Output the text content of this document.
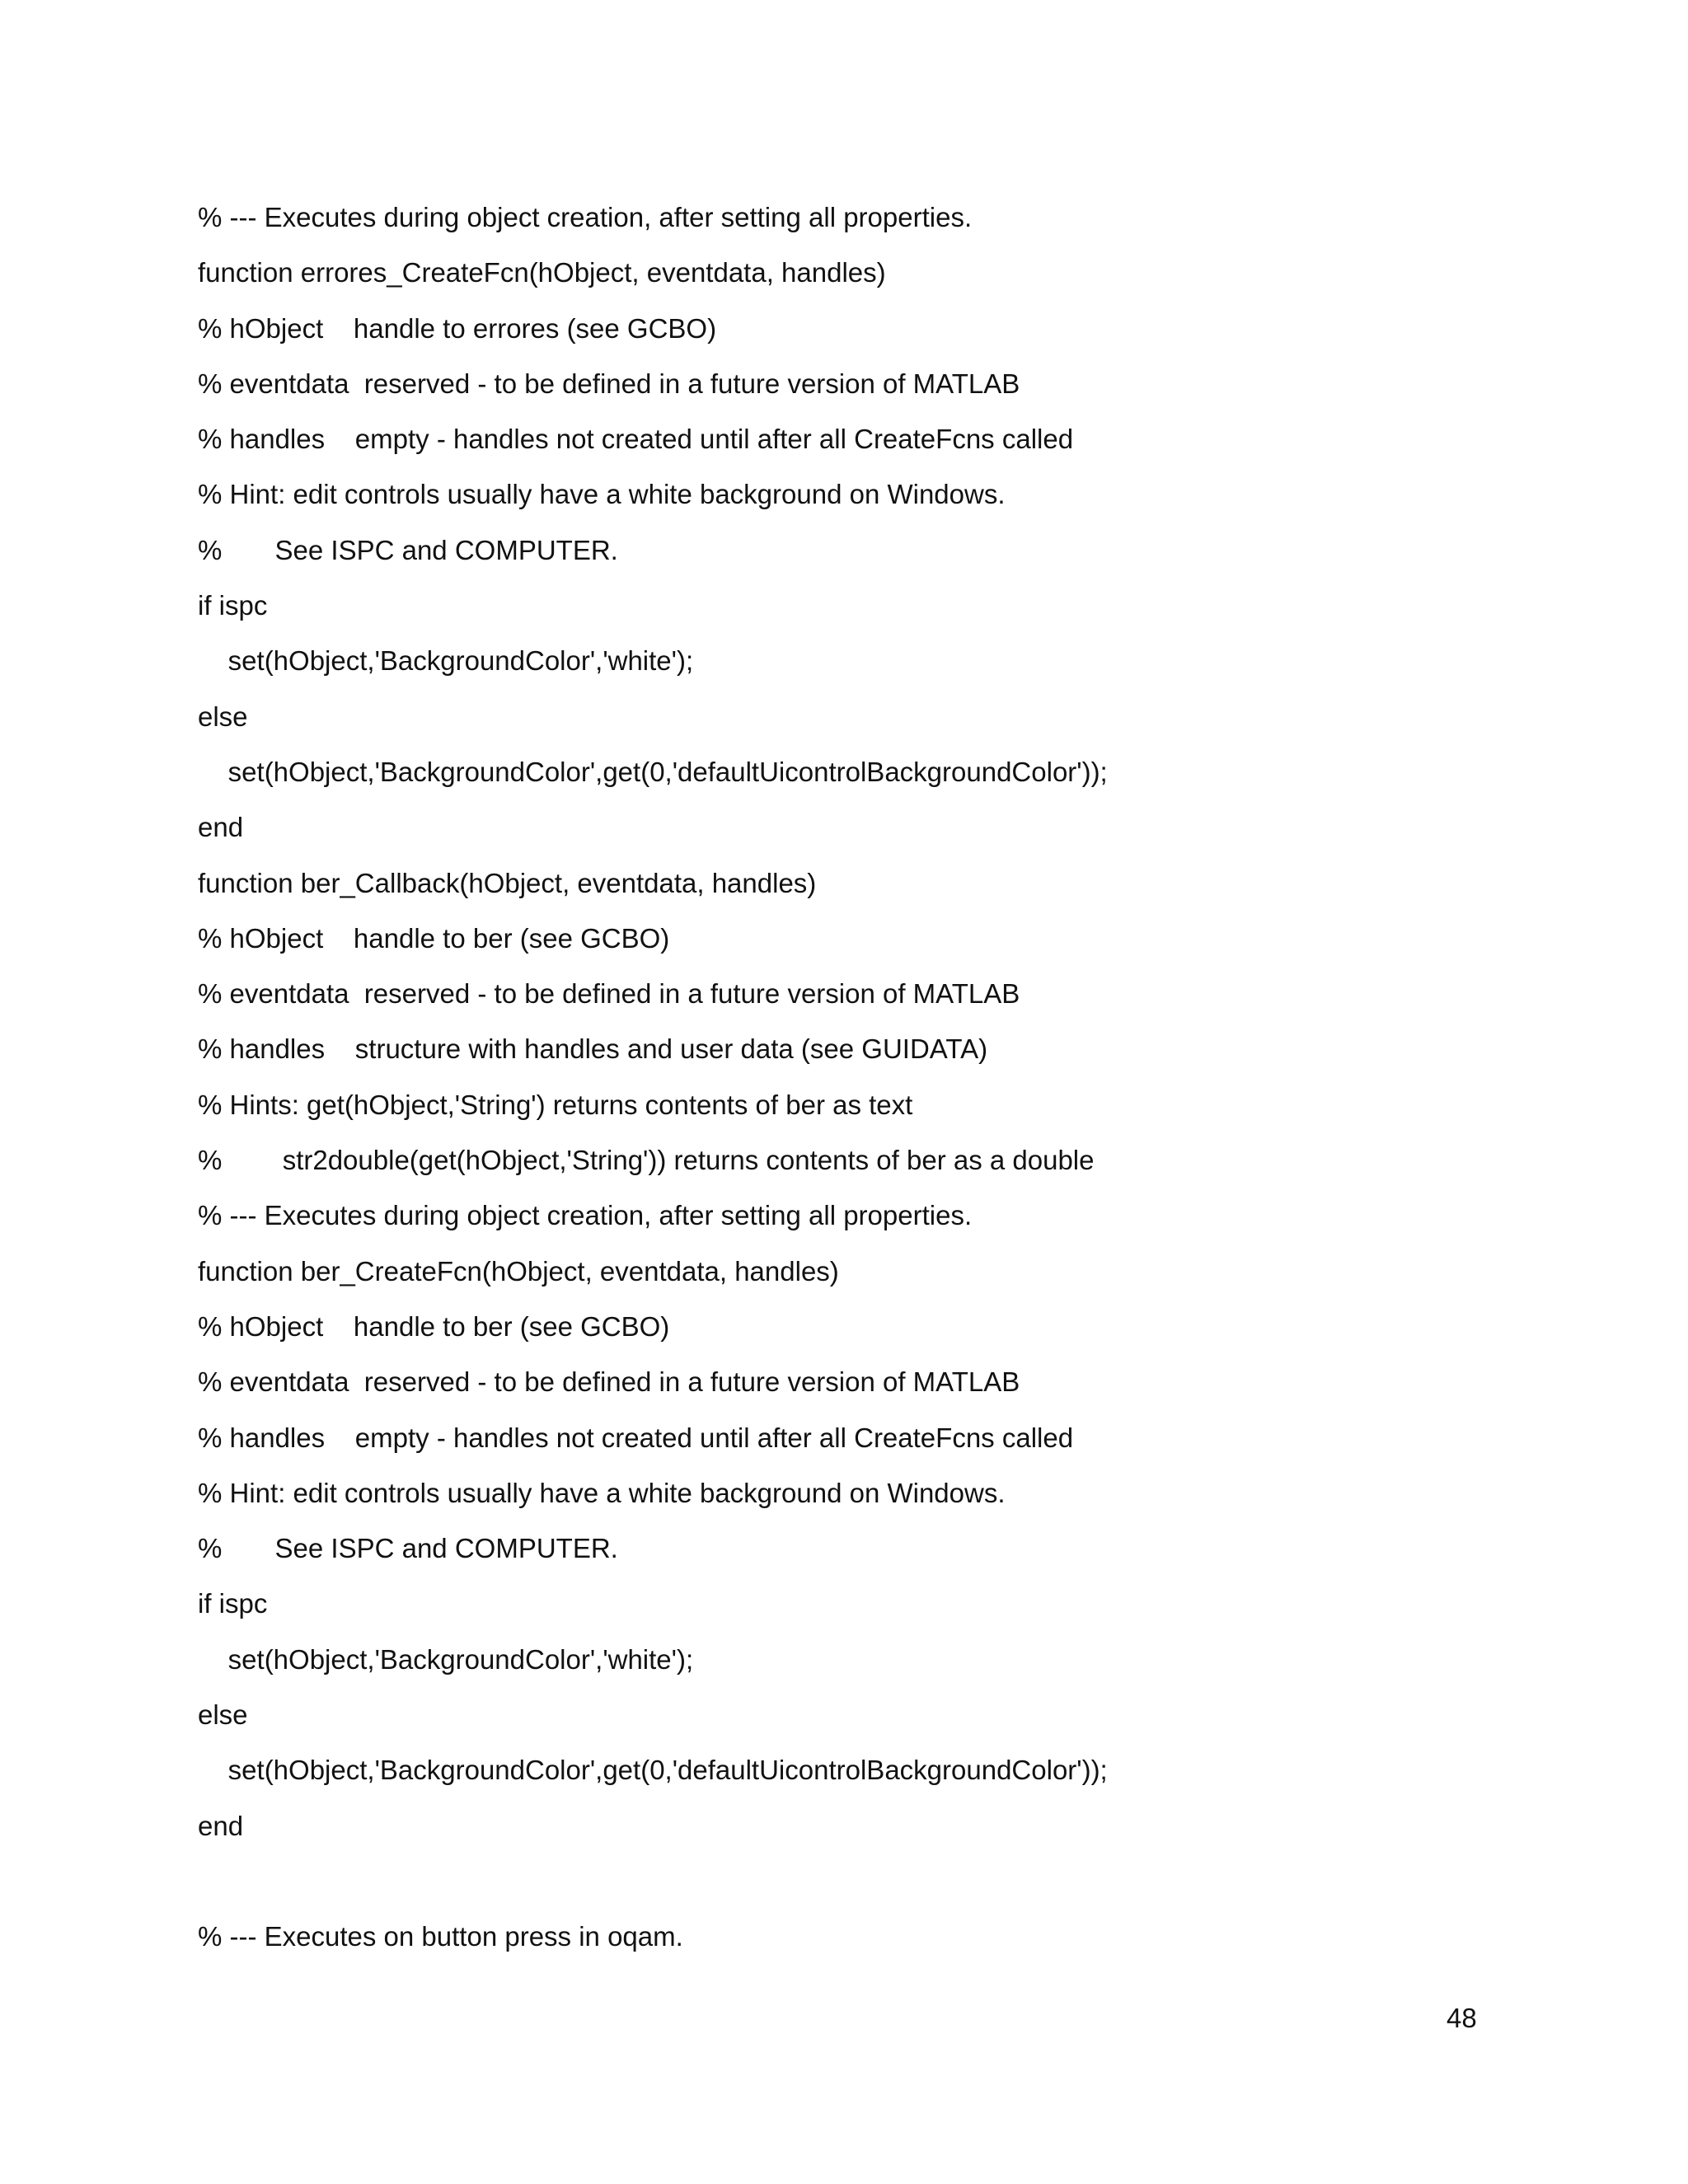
% --- Executes during object creation, after setting all properties.
function errores_CreateFcn(hObject, eventdata, handles)
% hObject    handle to errores (see GCBO)
% eventdata  reserved - to be defined in a future version of MATLAB
% handles    empty - handles not created until after all CreateFcns called
% Hint: edit controls usually have a white background on Windows.
%       See ISPC and COMPUTER.
if ispc
set(hObject,'BackgroundColor','white');
else
set(hObject,'BackgroundColor',get(0,'defaultUicontrolBackgroundColor'));
end
function ber_Callback(hObject, eventdata, handles)
% hObject    handle to ber (see GCBO)
% eventdata  reserved - to be defined in a future version of MATLAB
% handles    structure with handles and user data (see GUIDATA)
% Hints: get(hObject,'String') returns contents of ber as text
%        str2double(get(hObject,'String')) returns contents of ber as a double
% --- Executes during object creation, after setting all properties.
function ber_CreateFcn(hObject, eventdata, handles)
% hObject    handle to ber (see GCBO)
% eventdata  reserved - to be defined in a future version of MATLAB
% handles    empty - handles not created until after all CreateFcns called
% Hint: edit controls usually have a white background on Windows.
%       See ISPC and COMPUTER.
if ispc
set(hObject,'BackgroundColor','white');
else
set(hObject,'BackgroundColor',get(0,'defaultUicontrolBackgroundColor'));
end
% --- Executes on button press in oqam.
48
